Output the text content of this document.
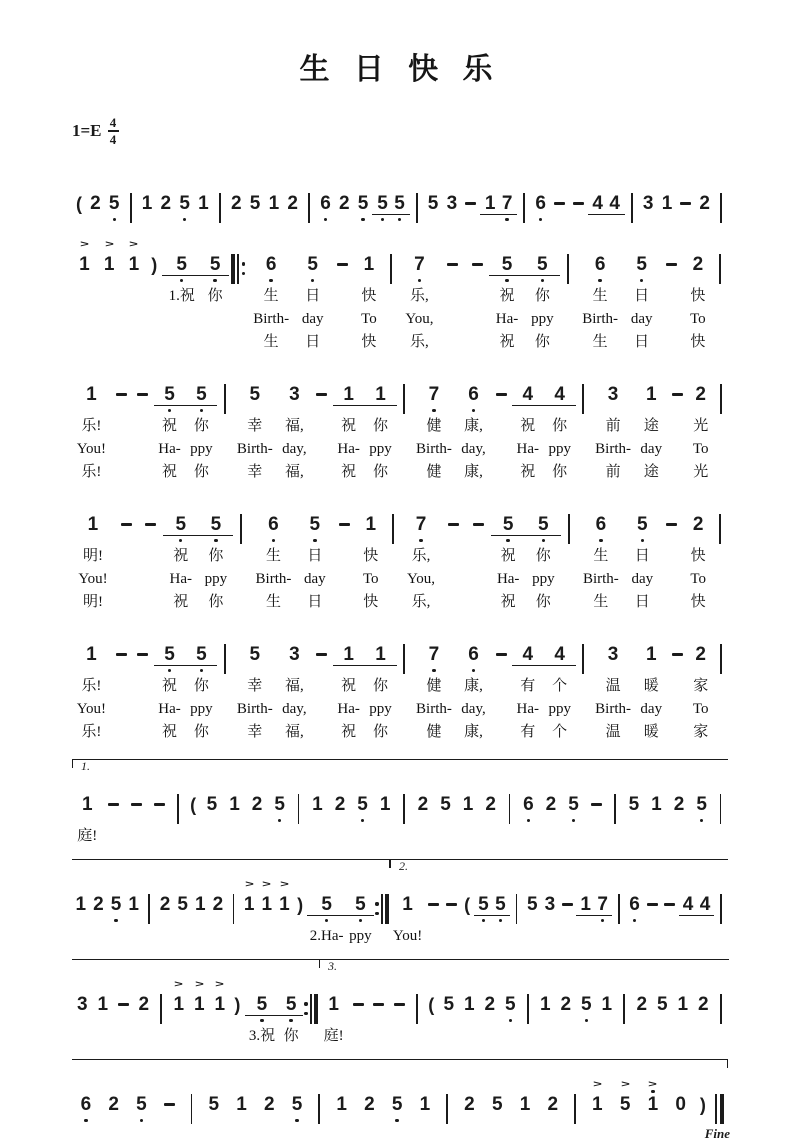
生 日 快 乐
1=E 4
4
( 2 5 1 2 5 1 2 5 1 2 6 2 5 5 5 5 3 1 7 6 4 4 3 1 2
>
1
>
1
>
1 ) 5
1.祝
5
你
6
生
Birth-
生
5
日
day
日
1
快
To
快
7
乐,
You,
乐,
5
祝
Ha-
祝
5
你
ppy
你
6
生
Birth-
生
5
日
day
日
2
快
To
快
1
乐!
You!
乐!
5
祝
Ha-
祝
5
你
ppy
你
5
幸
Birth-
幸
3
福,
day,
福,
1
祝
Ha-
祝
1
你
ppy
你
7
健
Birth-
健
6
康,
day,
康,
4
祝
Ha-
祝
4
你
ppy
你
3
前
Birth-
前
1
途
day
途
2
光
To
光
1
明!
You!
明!
5
祝
Ha-
祝
5
你
ppy
你
6
生
Birth-
生
5
日
day
日
1
快
To
快
7
乐,
You,
乐,
5
祝
Ha-
祝
5
你
ppy
你
6
生
Birth-
生
5
日
day
日
2
快
To
快
1
乐!
You!
乐!
5
祝
Ha-
祝
5
你
ppy
你
5
幸
Birth-
幸
3
福,
day,
福,
1
祝
Ha-
祝
1
你
ppy
你
7
健
Birth-
健
6
康,
day,
康,
4
有
Ha-
有
4
个
ppy
个
3
温
Birth-
温
1
暖
day
暖
2
家
To
家
1
庭!
( 5 1 2 5 1 2 5 1 2 5 1 2 6 2 5	5 1 2 5
1.
1 2 5 1 2 5 1 2
>
1
>
1
>
1 ) 5
2.Ha-
5
ppy
1
You!
( 5 5 5 3 1 7 6 4 4
2.
3 1 2
>
1
>
1
>
1 ) 5
3.祝
5
你
1
庭!
( 5 1 2 5 1 2 5 1 2 5 1 2
3.
6 2 5	5 1 2 5 1 2 5 1 2 5 1 2
>
1
>
5
>
1 0 )
Fine
